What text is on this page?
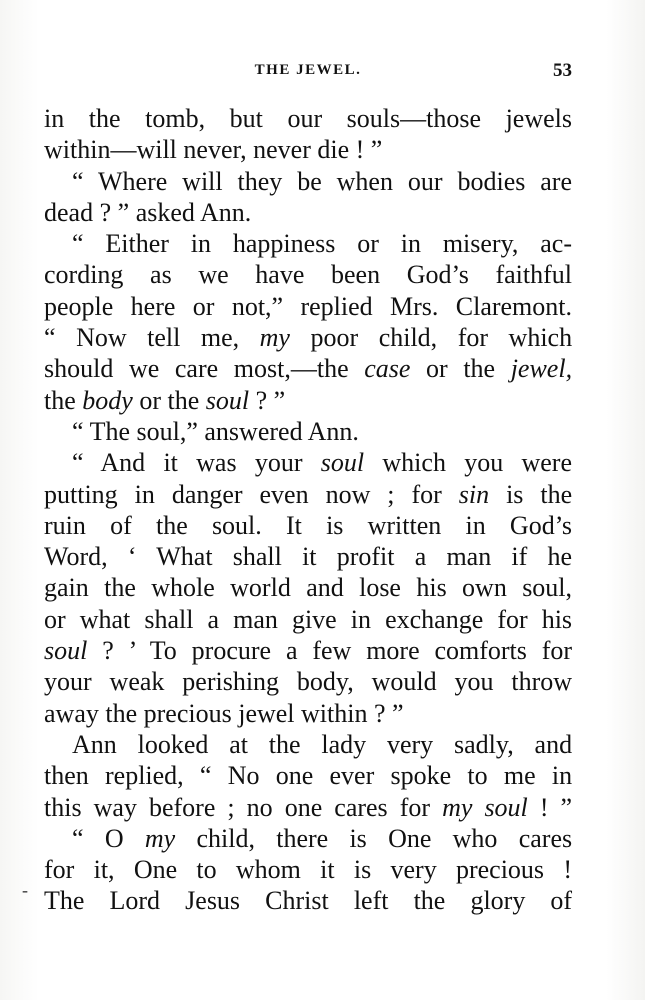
THE JEWEL.	53
-
in the tomb, but our souls—those jewels
within—will never, never die ! ”
“ Where will they be when our bodies are
dead ? ” asked Ann.
“ Either in happiness or in misery, ac-
cording as we have been God’s faithful
people here or not,” replied Mrs. Claremont.
“ Now tell me, my poor child, for which
should we care most,—the case or the jewel,
the body or the soul ? ”
“ The soul,” answered Ann.
“ And it was your soul which you were
putting in danger even now ; for sin is the
ruin of the soul. It is written in God’s
Word, ‘ What shall it profit a man if he
gain the whole world and lose his own soul,
or what shall a man give in exchange for his
soul ? ’ To procure a few more comforts for
your weak perishing body, would you throw
away the precious jewel within ? ”
Ann looked at the lady very sadly, and
then replied, “ No one ever spoke to me in
this way before ; no one cares for my soul ! ”
“ O my child, there is One who cares
for it, One to whom it is very precious !
The Lord Jesus Christ left the glory of
